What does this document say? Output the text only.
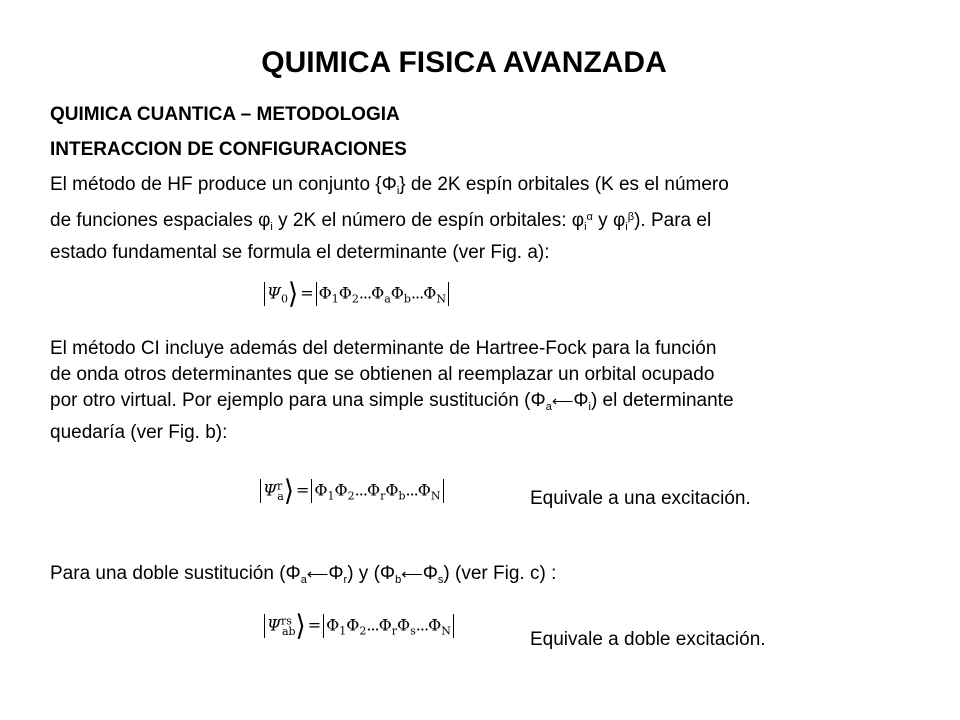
QUIMICA FISICA AVANZADA
QUIMICA CUANTICA – METODOLOGIA
INTERACCION DE CONFIGURACIONES
El método de HF produce un conjunto $\{\Phi_i\}$ de 2K espín orbitales (K es el número
de funciones espaciales $\varphi_i$ y 2K el número de espín orbitales: $\varphi_i^\alpha$ y $\varphi_i^\beta$). Para el
estado fundamental se formula el determinante (ver Fig. a):
$\Psi_0⟩ = \Phi_1\Phi_2...\Phi_a\Phi_b...\Phi_N$
El método CI incluye además del determinante de Hartree-Fock para la función
de onda otros determinantes que se obtienen al reemplazar un orbital ocupado
por otro virtual. Por ejemplo para una simple sustitución $(\Phi_a⟵\Phi_i)$ el determinante
quedaría (ver Fig. b):
$\Psi^r_a⟩ = \Phi_1\Phi_2...\Phi_r\Phi_b...\Phi_N$	Equivale a una excitación.
Para una doble sustitución $(\Phi_a⟵\Phi_r)$ y $(\Phi_b⟵\Phi_s)$ (ver Fig. c) :
$\Psi^{rs}_{ab}⟩ = \Phi_1\Phi_2...\Phi_r\Phi_s...\Phi_N$	Equivale a doble excitación.
